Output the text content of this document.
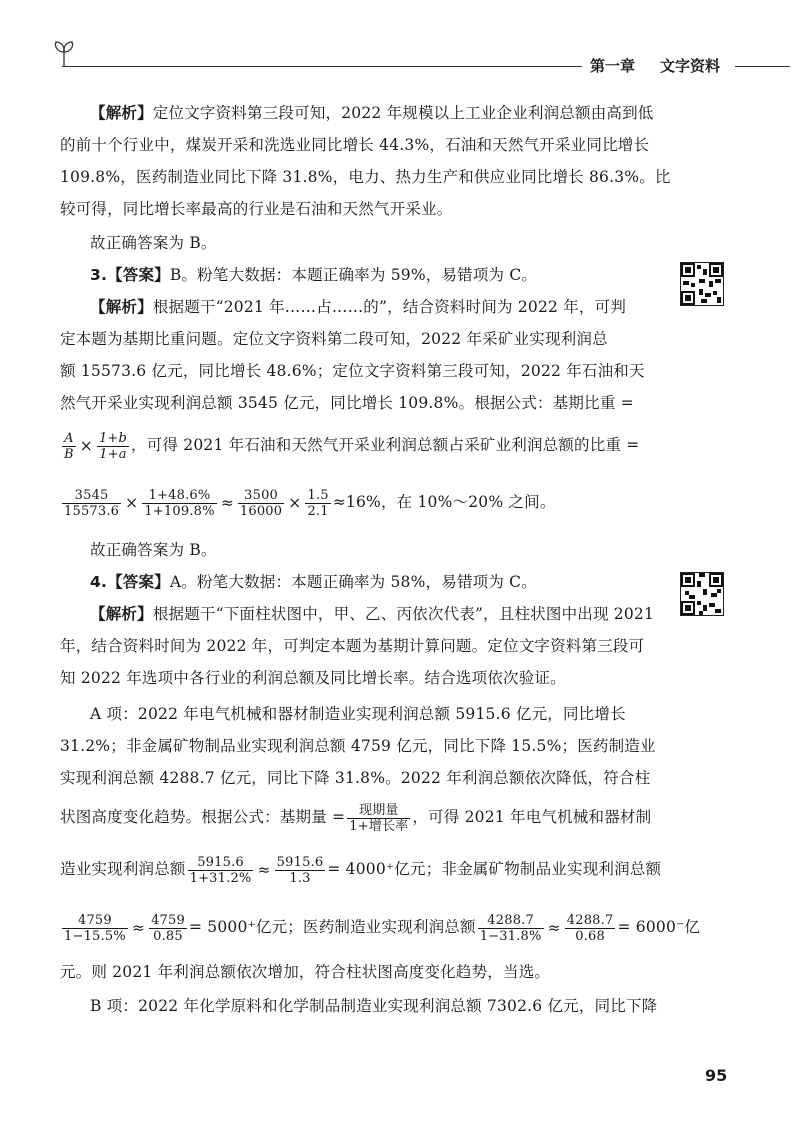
第一章 文字资料
【解析】定位文字资料第三段可知，2022 年规模以上工业企业利润总额由高到低
的前十个行业中，煤炭开采和洗选业同比增长 44.3%，石油和天然气开采业同比增长
109.8%，医药制造业同比下降 31.8%，电力、热力生产和供应业同比增长 86.3%。比
较可得，同比增长率最高的行业是石油和天然气开采业。
故正确答案为 B。
3.【答案】B。粉笔大数据：本题正确率为 59%，易错项为 C。
【解析】根据题干“2021 年……占……的”，结合资料时间为 2022 年，可判
定本题为基期比重问题。定位文字资料第二段可知，2022 年采矿业实现利润总
额 15573.6 亿元，同比增长 48.6%；定位文字资料第三段可知，2022 年石油和天
然气开采业实现利润总额 3545 亿元，同比增长 109.8%。根据公式：基期比重 =
$\frac{A}{B} \times \frac{1+b}{1+a}$ ，可得 2021 年石油和天然气开采业利润总额占采矿业利润总额的比重 =
$\frac{3545}{15573.6} \times \frac{1+48.6\%}{1+109.8\%} \approx \frac{3500}{16000} \times \frac{1.5}{2.1} \approx 16\%$，在 10%～20% 之间。
故正确答案为 B。
4.【答案】A。粉笔大数据：本题正确率为 58%，易错项为 C。
【解析】根据题干“下面柱状图中，甲、乙、丙依次代表”，且柱状图中出现 2021
年，结合资料时间为 2022 年，可判定本题为基期计算问题。定位文字资料第三段可
知 2022 年选项中各行业的利润总额及同比增长率。结合选项依次验证。
A 项：2022 年电气机械和器材制造业实现利润总额 5915.6 亿元，同比增长
31.2%；非金属矿物制品业实现利润总额 4759 亿元，同比下降 15.5%；医药制造业
实现利润总额 4288.7 亿元，同比下降 31.8%。2022 年利润总额依次降低，符合柱
状图高度变化趋势。根据公式：基期量 = $\frac{\text{现期量}}{\text{1+增长率}}$ ，可得 2021 年电气机械和器材制
造业实现利润总额 $\frac{5915.6}{1+31.2\%} \approx \frac{5915.6}{1.3} = 4000^+$亿元；非金属矿物制品业实现利润总额
$\frac{4759}{1-15.5\%} \approx \frac{4759}{0.85} = 5000^+$亿元；医药制造业实现利润总额 $\frac{4288.7}{1-31.8\%} \approx \frac{4288.7}{0.68} = 6000^-$亿
元。则 2021 年利润总额依次增加，符合柱状图高度变化趋势，当选。
B 项：2022 年化学原料和化学制品制造业实现利润总额 7302.6 亿元，同比下降
95
